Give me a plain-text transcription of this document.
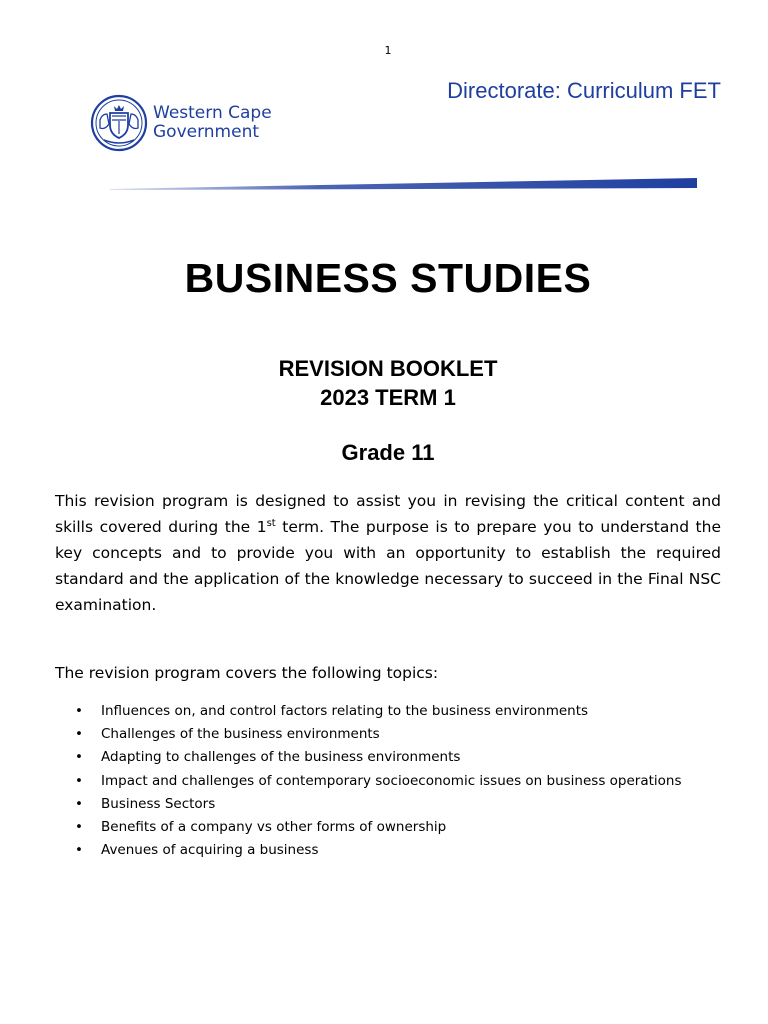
1
Directorate: Curriculum FET
Western Cape
Government
BUSINESS STUDIES
REVISION BOOKLET
2023 TERM 1
Grade 11

This revision program is designed to assist you in revising the critical content and skills covered during the 1st term. The purpose is to prepare you to understand the key concepts and to provide you with an opportunity to establish the required standard and the application of the knowledge necessary to succeed in the Final NSC examination.

The revision program covers the following topics:

• Influences on, and control factors relating to the business environments
• Challenges of the business environments
• Adapting to challenges of the business environments
• Impact and challenges of contemporary socioeconomic issues on business operations
• Business Sectors
• Benefits of a company vs other forms of ownership
• Avenues of acquiring a business
